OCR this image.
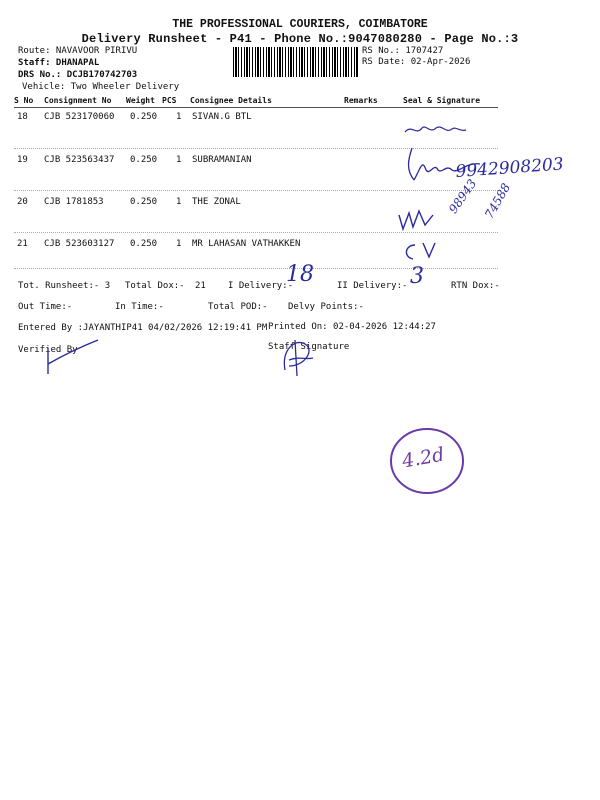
THE PROFESSIONAL COURIERS, COIMBATORE
Delivery Runsheet - P41 - Phone No.:9047080280 - Page No.:3
Route: NAVAVOOR PIRIVU
Staff: DHANAPAL
DRS No.: DCJB170742703
Vehicle: Two Wheeler Delivery
RS No.: 1707427
RS Date: 02-Apr-2026
S No Consignment No Weight PCS Consignee Details	Remarks	Seal & Signature
18 CJB 523170060 0.250 1 SIVAN.G BTL
19 CJB 523563437 0.250 1 SUBRAMANIAN
20 CJB 1781853	0.250 1 THE ZONAL
21 CJB 523603127 0.250 1 MR LAHASAN VATHAKKEN
Tot. Runsheet:- 3 Total Dox:- 21 I Delivery:-	II Delivery:-	RTN Dox:-
Out Time:-	In Time:-	Total POD:- Delvy Points:-
Entered By :JAYANTHIP41 04/02/2026 12:19:41 PM Printed On: 02-04-2026 12:44:27
Verified By	Staff Signature
18	3
9942908203
98943 74588
4.2d
